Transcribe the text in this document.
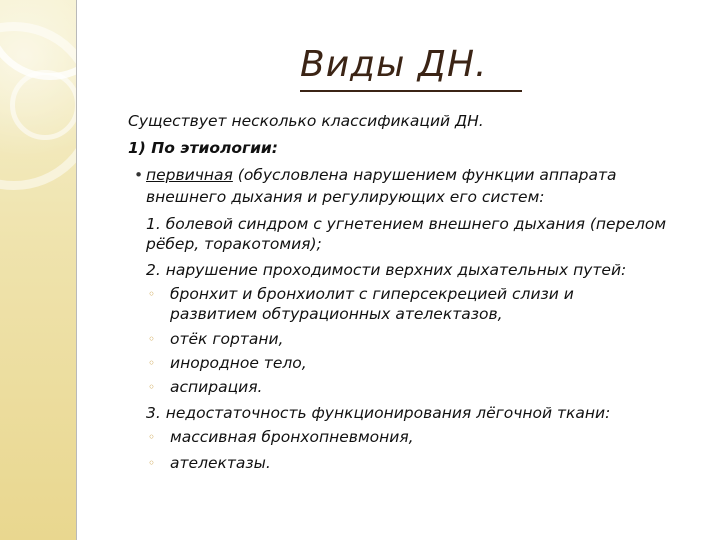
Виды ДН.
Существует несколько классификаций ДН.
1) По этиологии:
• первичная (обусловлена нарушением функции аппарата
внешнего дыхания и регулирующих его систем:
1. болевой синдром с угнетением внешнего дыхания (перелом
рёбер, торакотомия);
2. нарушение проходимости верхних дыхательных путей:
◦ бронхит и бронхиолит с гиперсекрецией слизи и
развитием обтурационных ателектазов,
◦ отёк гортани,
◦ инородное тело,
◦ аспирация.
3. недостаточность функционирования лёгочной ткани:
◦ массивная бронхопневмония,
◦ ателектазы.
